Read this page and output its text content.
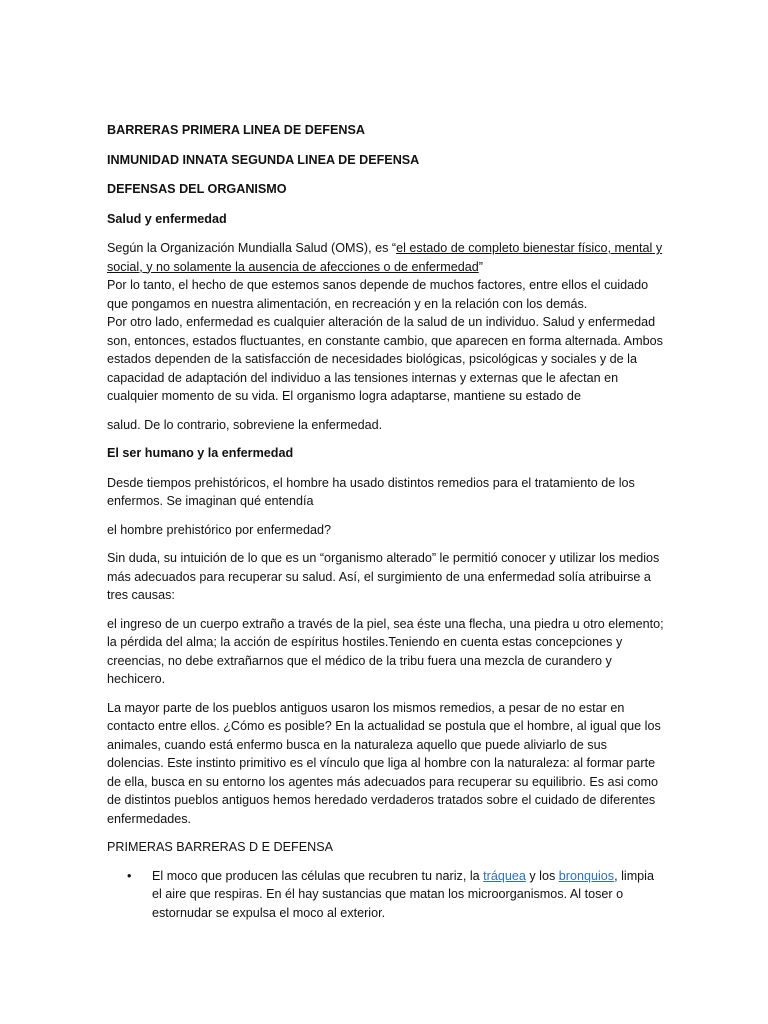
BARRERAS PRIMERA LINEA DE DEFENSA

INMUNIDAD INNATA SEGUNDA LINEA DE DEFENSA

DEFENSAS DEL ORGANISMO

Salud y enfermedad

Según la Organización Mundialla Salud (OMS), es “el estado de completo bienestar físico, mental y social, y no solamente la ausencia de afecciones o de enfermedad”

Por lo tanto, el hecho de que estemos sanos depende de muchos factores, entre ellos el cuidado que pongamos en nuestra alimentación, en recreación y en la relación con los demás.

Por otro lado, enfermedad es cualquier alteración de la salud de un individuo. Salud y enfermedad son, entonces, estados fluctuantes, en constante cambio, que aparecen en forma alternada. Ambos estados dependen de la satisfacción de necesidades biológicas, psicológicas y sociales y de la capacidad de adaptación del individuo a las tensiones internas y externas que le afectan en cualquier momento de su vida. El organismo logra adaptarse, mantiene su estado de

salud. De lo contrario, sobreviene la enfermedad.

El ser humano y la enfermedad

Desde tiempos prehistóricos, el hombre ha usado distintos remedios para el tratamiento de los enfermos. Se imaginan qué entendía

el hombre prehistórico por enfermedad?

Sin duda, su intuición de lo que es un “organismo alterado” le permitió conocer y utilizar los medios más adecuados para recuperar su salud. Así, el surgimiento de una enfermedad solía atribuirse a tres causas:

el ingreso de un cuerpo extraño a través de la piel, sea éste una flecha, una piedra u otro elemento; la pérdida del alma; la acción de espíritus hostiles.Teniendo en cuenta estas concepciones y creencias, no debe extrañarnos que el médico de la tribu fuera una mezcla de curandero y hechicero.

La mayor parte de los pueblos antiguos usaron los mismos remedios, a pesar de no estar en contacto entre ellos. ¿Cómo es posible? En la actualidad se postula que el hombre, al igual que los animales, cuando está enfermo busca en la naturaleza aquello que puede aliviarlo de sus dolencias. Este instinto primitivo es el vínculo que liga al hombre con la naturaleza: al formar parte de ella, busca en su entorno los agentes más adecuados para recuperar su equilibrio. Es asi como de distintos pueblos antiguos hemos heredado verdaderos tratados sobre el cuidado de diferentes enfermedades.

PRIMERAS BARRERAS D E DEFENSA

• El moco que producen las células que recubren tu nariz, la tráquea y los bronquios, limpia el aire que respiras. En él hay sustancias que matan los microorganismos. Al toser o estornudar se expulsa el moco al exterior.
